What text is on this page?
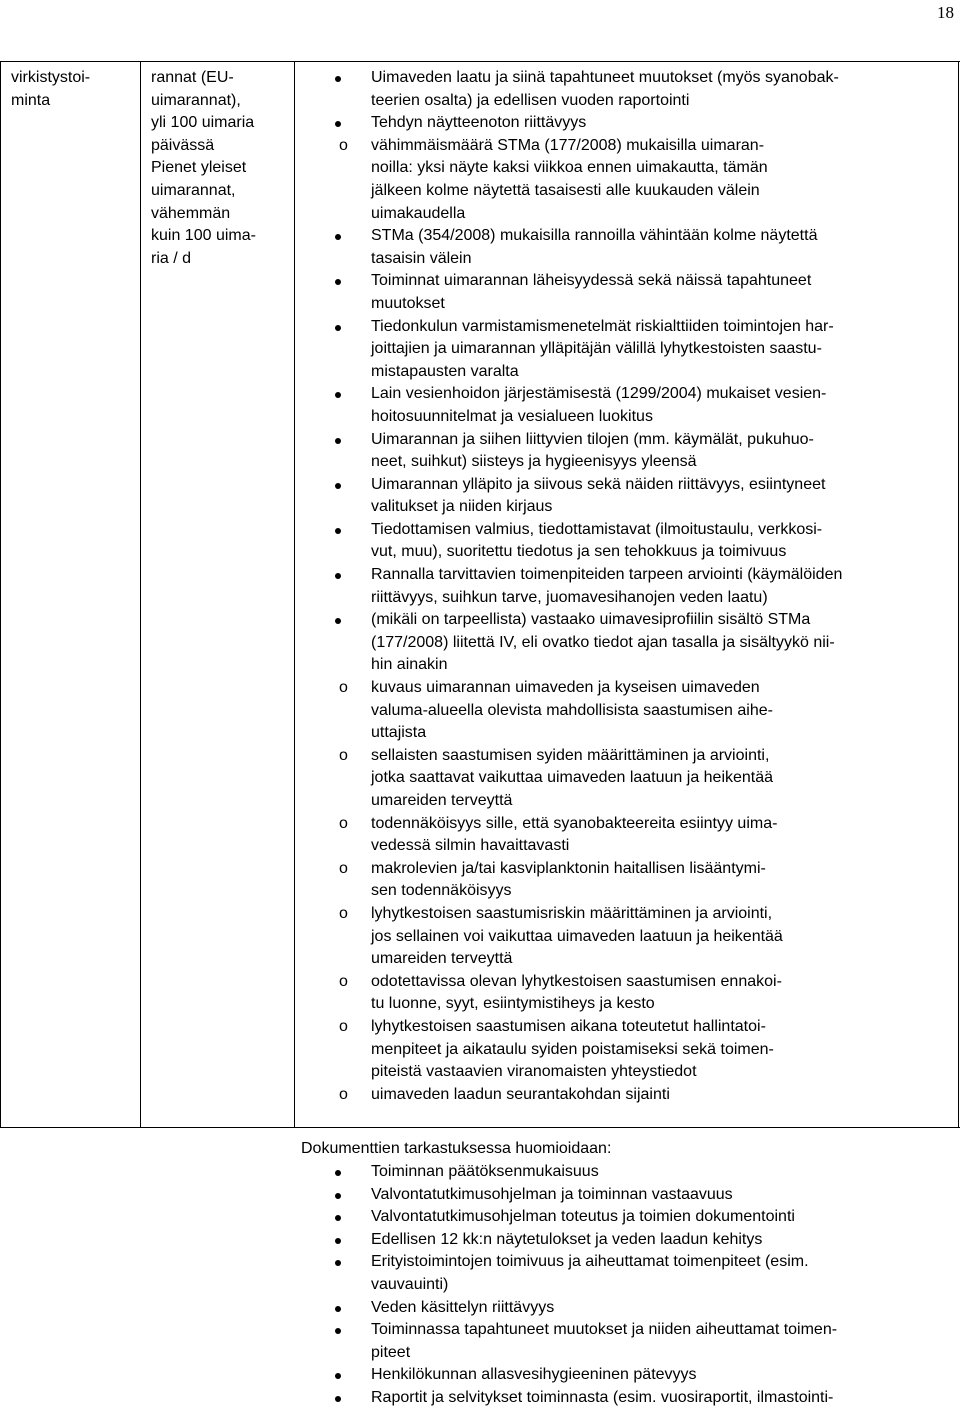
18
virkistystoi-
minta
rannat (EU-
uimarannat),
yli 100 uimaria
päivässä
Pienet yleiset
uimarannat,
vähemmän
kuin 100 uima-
ria / d
Uimaveden laatu ja siinä tapahtuneet muutokset (myös syanobak-
teerien osalta) ja edellisen vuoden raportointi
Tehdyn näytteenoton riittävyys
o vähimmäismäärä STMa (177/2008) mukaisilla uimaran-
noilla: yksi näyte kaksi viikkoa ennen uimakautta, tämän
jälkeen kolme näytettä tasaisesti alle kuukauden välein
uimakaudella
STMa (354/2008) mukaisilla rannoilla vähintään kolme näytettä
tasaisin välein
Toiminnat uimarannan läheisyydessä sekä näissä tapahtuneet
muutokset
Tiedonkulun varmistamismenetelmät riskialttiiden toimintojen har-
joittajien ja uimarannan ylläpitäjän välillä lyhytkestoisten saastu-
mistapausten varalta
Lain vesienhoidon järjestämisestä (1299/2004) mukaiset vesien-
hoitosuunnitelmat ja vesialueen luokitus
Uimarannan ja siihen liittyvien tilojen (mm. käymälät, pukuhuo-
neet, suihkut) siisteys ja hygieenisyys yleensä
Uimarannan ylläpito ja siivous sekä näiden riittävyys, esiintyneet
valitukset ja niiden kirjaus
Tiedottamisen valmius, tiedottamistavat (ilmoitustaulu, verkkosi-
vut, muu), suoritettu tiedotus ja sen tehokkuus ja toimivuus
Rannalla tarvittavien toimenpiteiden tarpeen arviointi (käymälöiden
riittävyys, suihkun tarve, juomavesihanojen veden laatu)
(mikäli on tarpeellista) vastaako uimavesiprofiilin sisältö STMa
(177/2008) liitettä IV, eli ovatko tiedot ajan tasalla ja sisältyykö nii-
hin ainakin
o kuvaus uimarannan uimaveden ja kyseisen uimaveden
valuma-alueella olevista mahdollisista saastumisen aihe-
uttajista
o sellaisten saastumisen syiden määrittäminen ja arviointi,
jotka saattavat vaikuttaa uimaveden laatuun ja heikentää
umareiden terveyttä
o todennäköisyys sille, että syanobakteereita esiintyy uima-
vedessä silmin havaittavasti
o makrolevien ja/tai kasviplanktonin haitallisen lisääntymi-
sen todennäköisyys
o lyhytkestoisen saastumisriskin määrittäminen ja arviointi,
jos sellainen voi vaikuttaa uimaveden laatuun ja heikentää
umareiden terveyttä
o odotettavissa olevan lyhytkestoisen saastumisen ennakoi-
tu luonne, syyt, esiintymistiheys ja kesto
o lyhytkestoisen saastumisen aikana toteutetut hallintatoi-
menpiteet ja aikataulu syiden poistamiseksi sekä toimen-
piteistä vastaavien viranomaisten yhteystiedot
o uimaveden laadun seurantakohdan sijainti
Dokumenttien tarkastuksessa huomioidaan:
Toiminnan päätöksenmukaisuus
Valvontatutkimusohjelman ja toiminnan vastaavuus
Valvontatutkimusohjelman toteutus ja toimien dokumentointi
Edellisen 12 kk:n näytetulokset ja veden laadun kehitys
Erityistoimintojen toimivuus ja aiheuttamat toimenpiteet (esim.
vauvauinti)
Veden käsittelyn riittävyys
Toiminnassa tapahtuneet muutokset ja niiden aiheuttamat toimen-
piteet
Henkilökunnan allasvesihygieeninen pätevyys
Raportit ja selvitykset toiminnasta (esim. vuosiraportit, ilmastointi-
